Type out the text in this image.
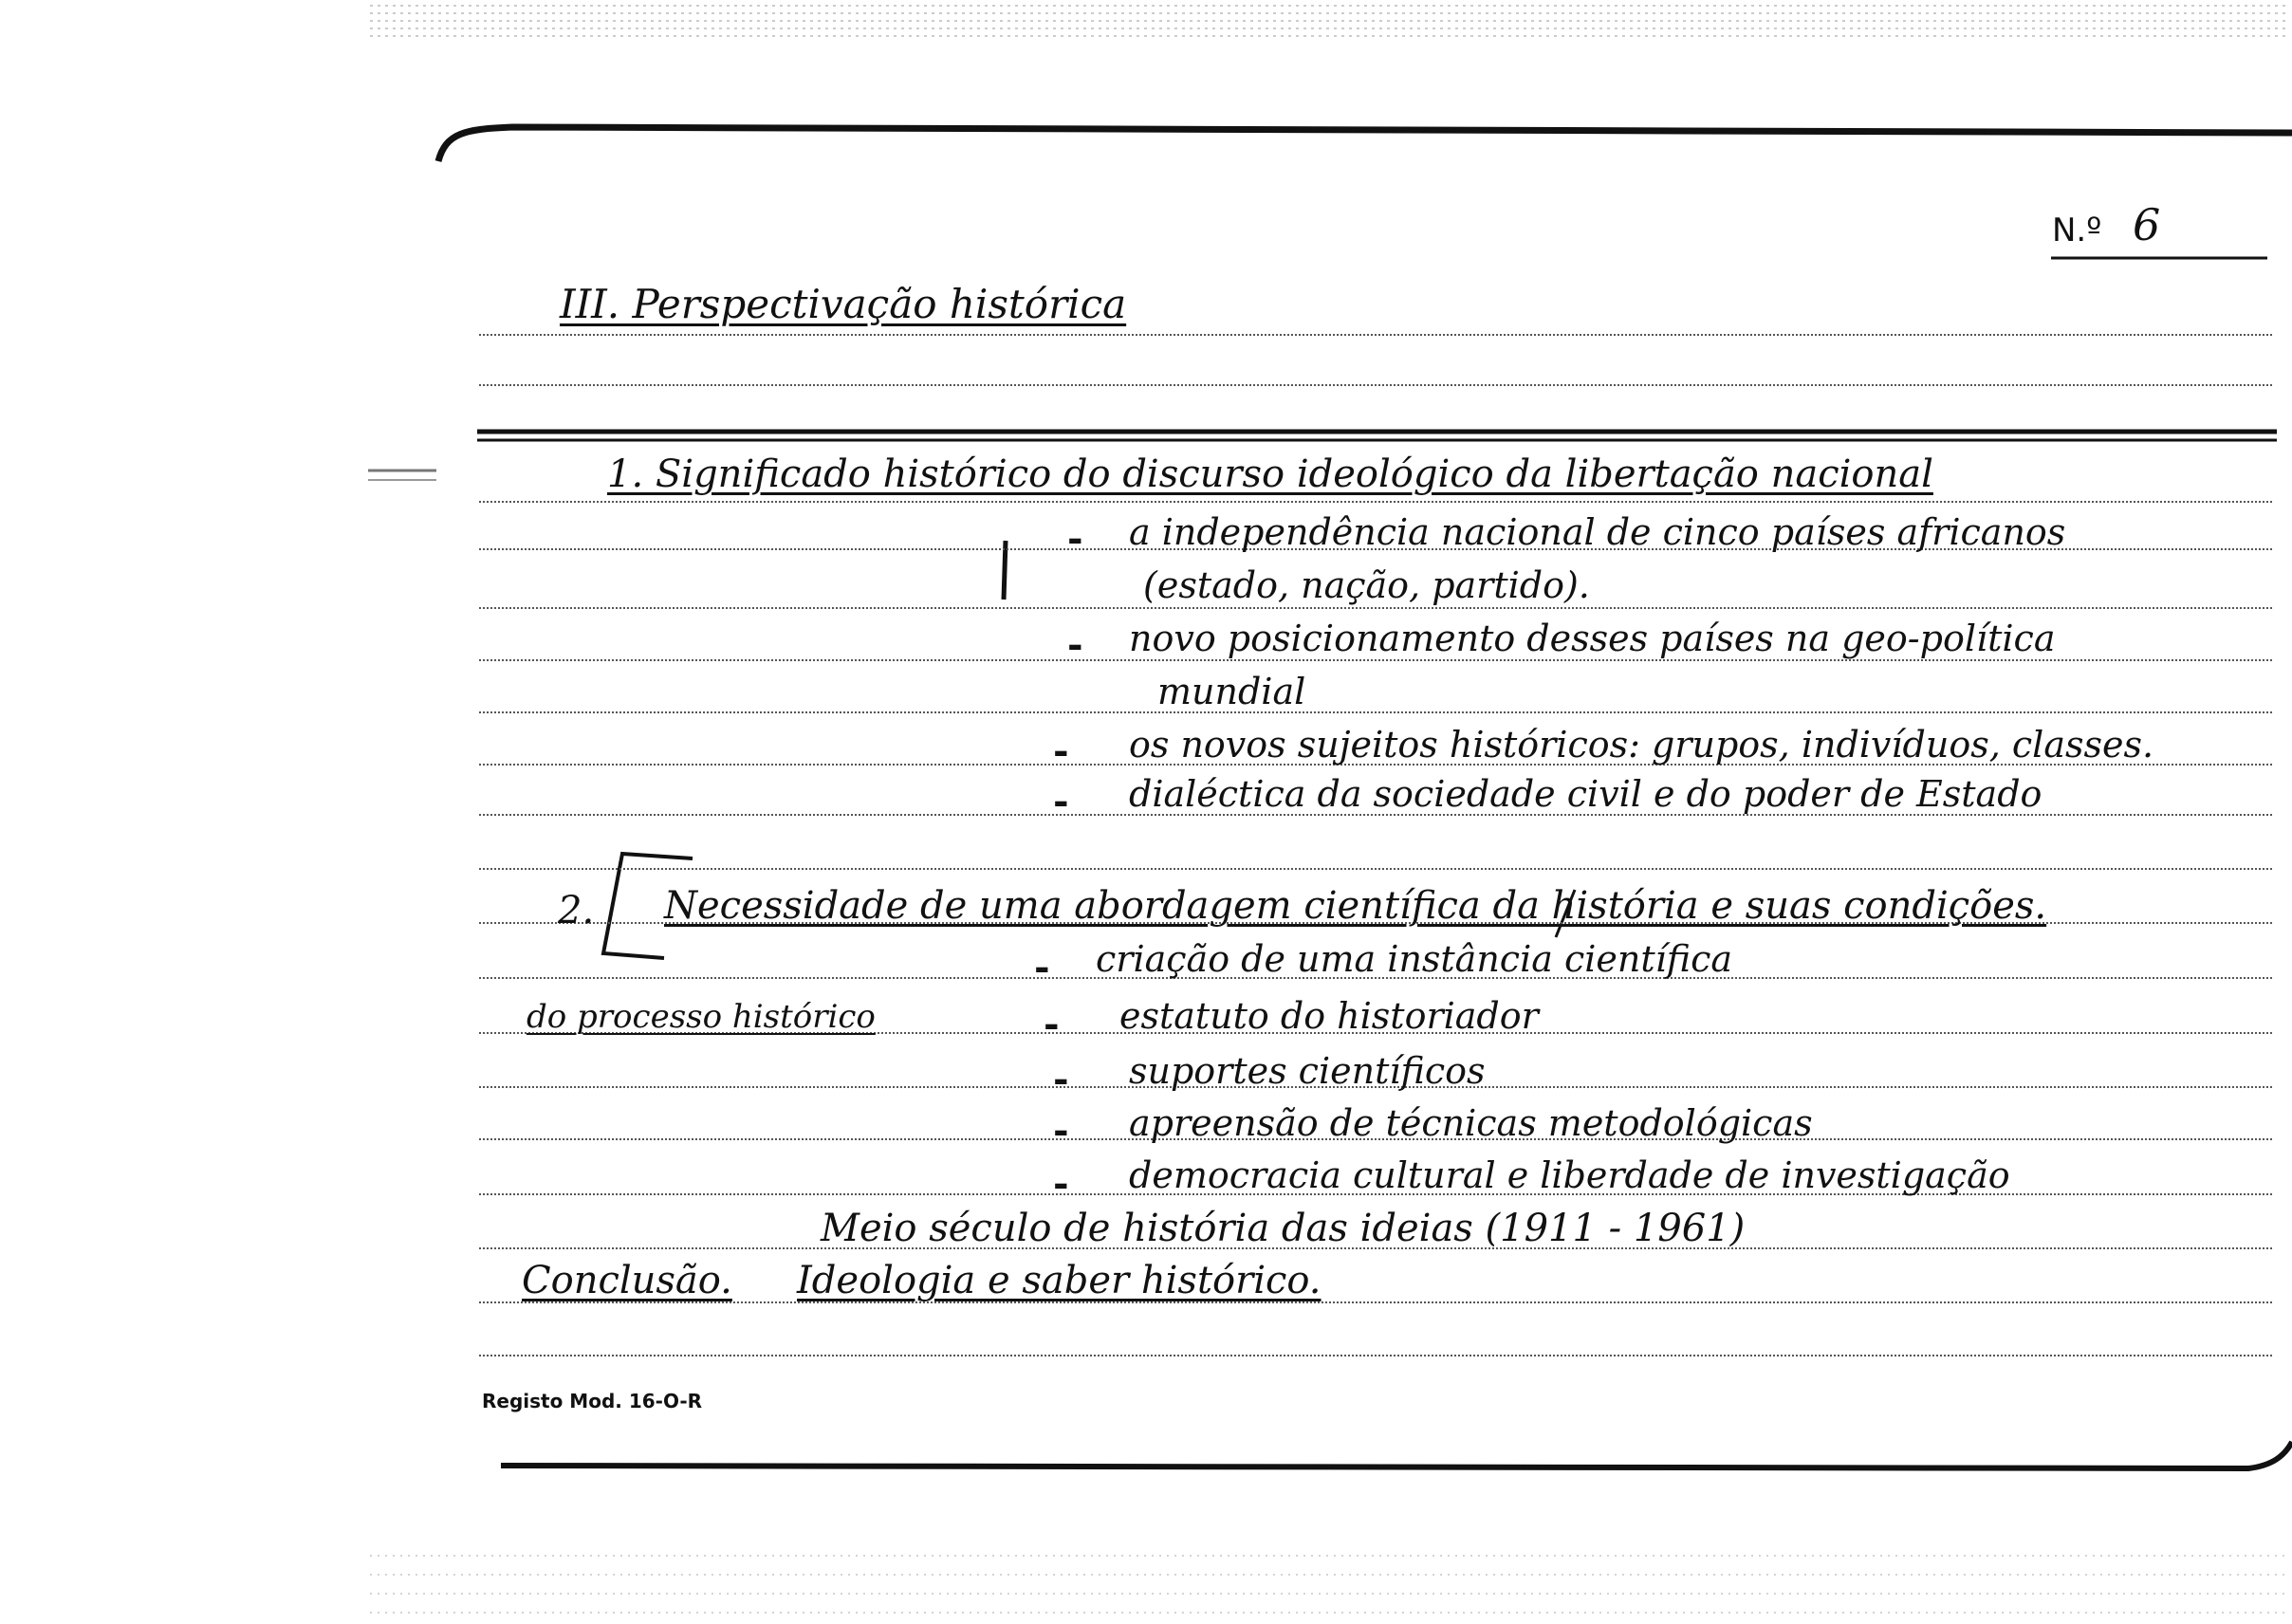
N.º 6
III. Perspectivação histórica
1. Significado histórico do discurso ideológico da libertação nacional
- a independência nacional de cinco países africanos
(estado, nação, partido).
- novo posicionamento desses países na geo-política
mundial
- os novos sujeitos históricos: grupos, indivíduos, classes.
- dialéctica da sociedade civil e do poder de Estado
2. Necessidade de uma abordagem científica da história e suas condições.
do processo histórico
- criação de uma instância científica
- estatuto do historiador
- suportes científicos
- apreensão de técnicas metodológicas
- democracia cultural e liberdade de investigação
Meio século de história das ideias (1911 - 1961)
Conclusão. Ideologia e saber histórico.
Registo Mod. 16-O-R
